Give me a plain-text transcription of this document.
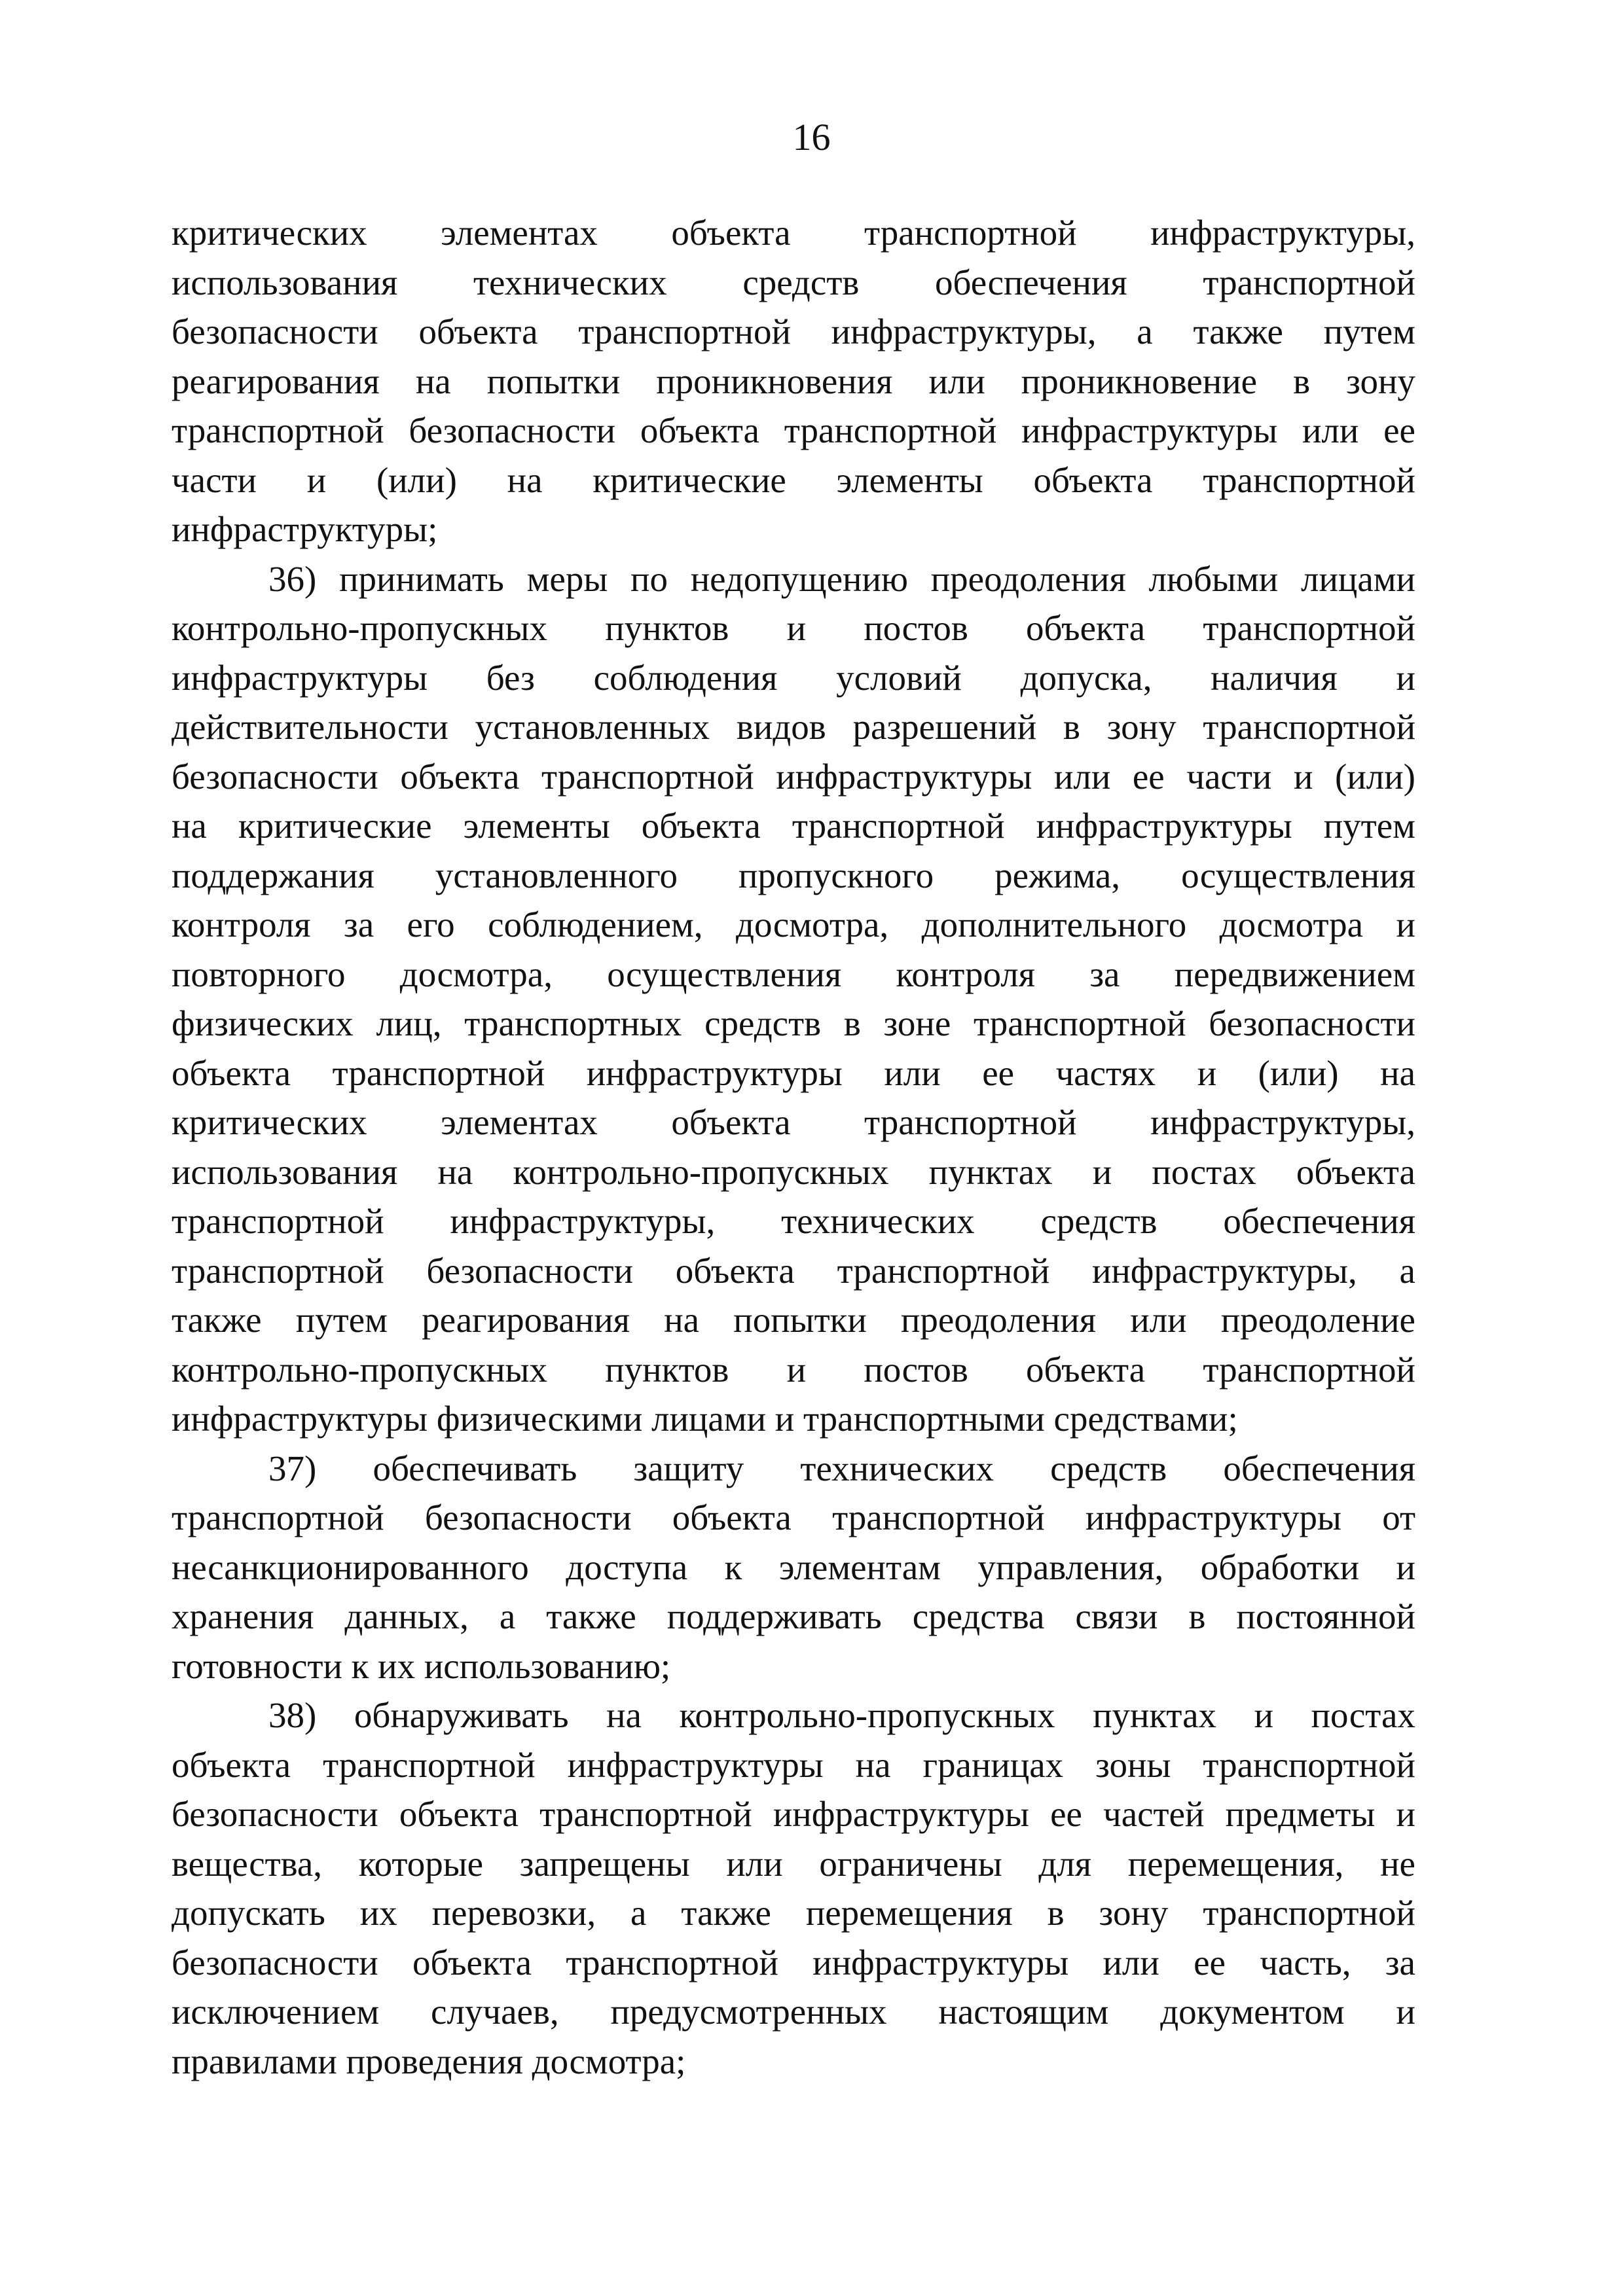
16
критических элементах объекта транспортной инфраструктуры,
использования технических средств обеспечения транспортной
безопасности объекта транспортной инфраструктуры, а также путем
реагирования на попытки проникновения или проникновение в зону
транспортной безопасности объекта транспортной инфраструктуры или ее
части и (или) на критические элементы объекта транспортной
инфраструктуры;
36) принимать меры по недопущению преодоления любыми лицами
контрольно-пропускных пунктов и постов объекта транспортной
инфраструктуры без соблюдения условий допуска, наличия и
действительности установленных видов разрешений в зону транспортной
безопасности объекта транспортной инфраструктуры или ее части и (или)
на критические элементы объекта транспортной инфраструктуры путем
поддержания установленного пропускного режима, осуществления
контроля за его соблюдением, досмотра, дополнительного досмотра и
повторного досмотра, осуществления контроля за передвижением
физических лиц, транспортных средств в зоне транспортной безопасности
объекта транспортной инфраструктуры или ее частях и (или) на
критических элементах объекта транспортной инфраструктуры,
использования на контрольно-пропускных пунктах и постах объекта
транспортной инфраструктуры, технических средств обеспечения
транспортной безопасности объекта транспортной инфраструктуры, а
также путем реагирования на попытки преодоления или преодоление
контрольно-пропускных пунктов и постов объекта транспортной
инфраструктуры физическими лицами и транспортными средствами;
37) обеспечивать защиту технических средств обеспечения
транспортной безопасности объекта транспортной инфраструктуры от
несанкционированного доступа к элементам управления, обработки и
хранения данных, а также поддерживать средства связи в постоянной
готовности к их использованию;
38) обнаруживать на контрольно-пропускных пунктах и постах
объекта транспортной инфраструктуры на границах зоны транспортной
безопасности объекта транспортной инфраструктуры ее частей предметы и
вещества, которые запрещены или ограничены для перемещения, не
допускать их перевозки, а также перемещения в зону транспортной
безопасности объекта транспортной инфраструктуры или ее часть, за
исключением случаев, предусмотренных настоящим документом и
правилами проведения досмотра;
